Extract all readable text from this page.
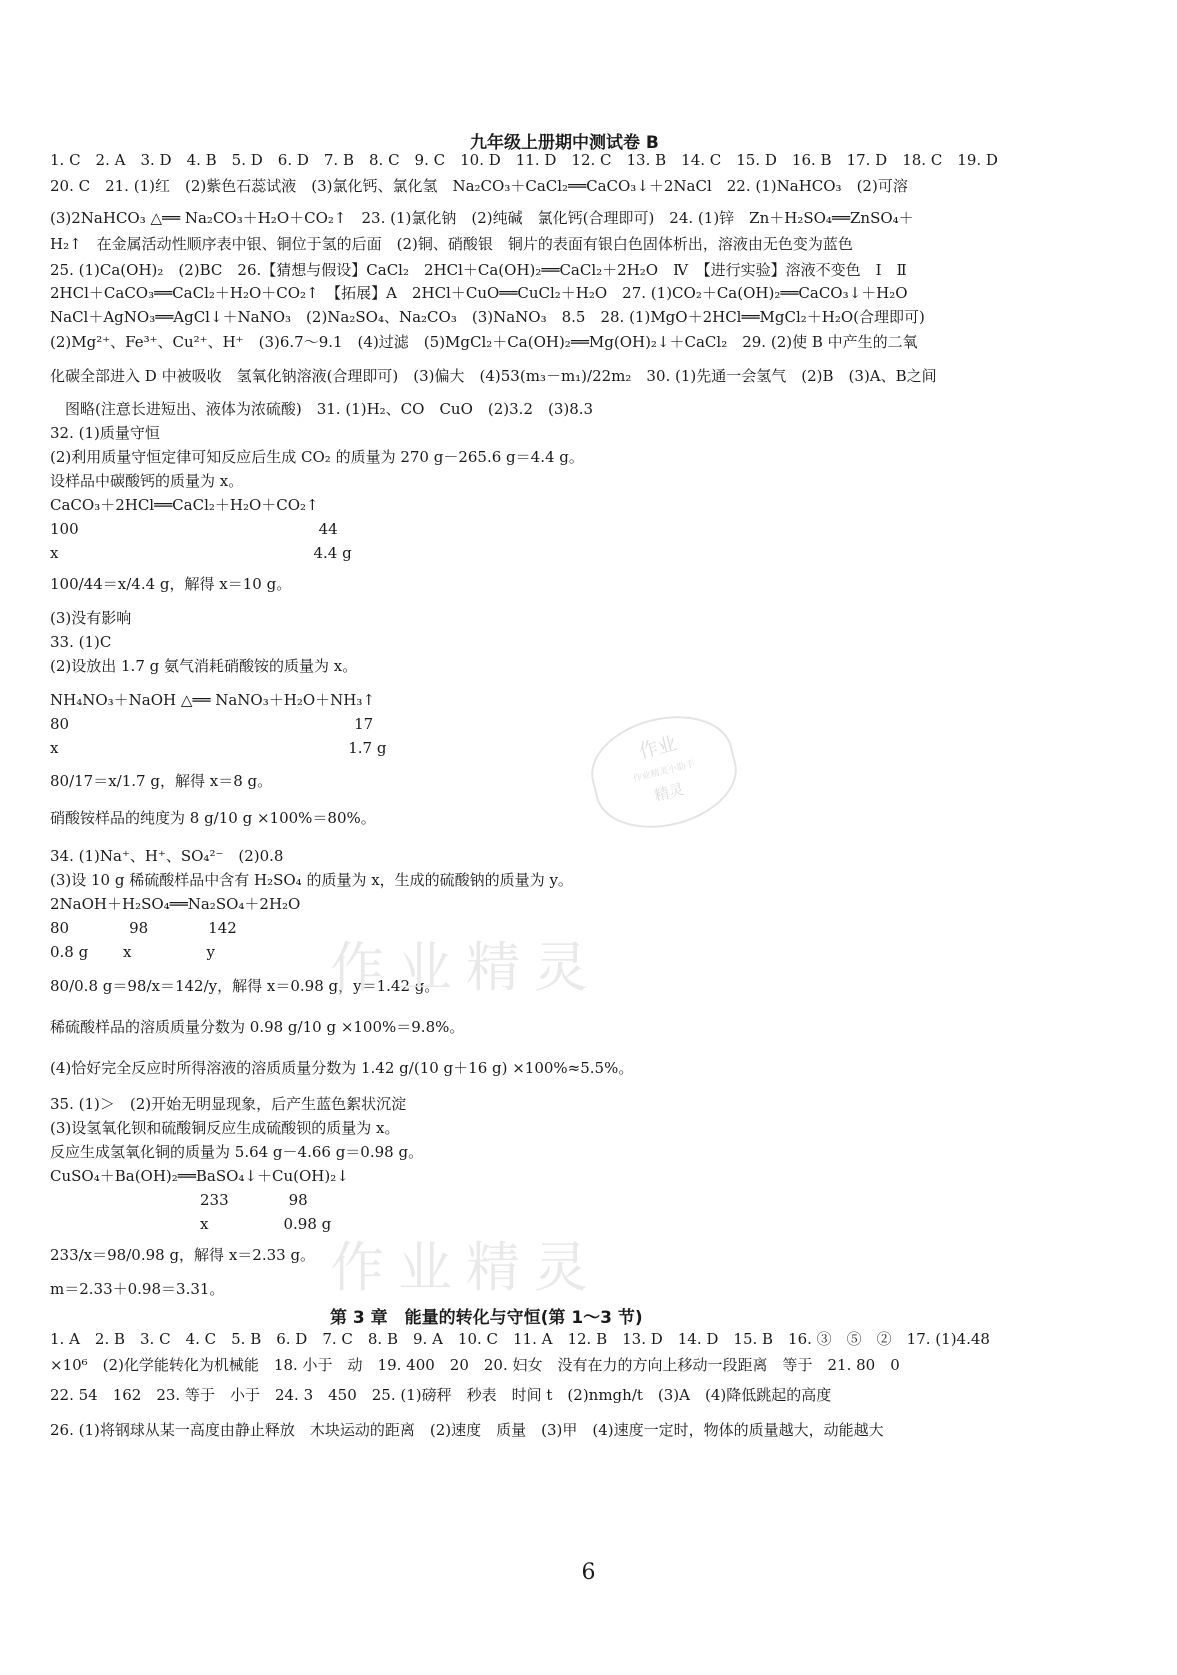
九年级上册期中测试卷 B
1. C　2. A　3. D　4. B　5. D　6. D　7. B　8. C　9. C　10. D　11. D　12. C　13. B　14. C　15. D　16. B　17. D　18. C　19. D
20. C　21. (1)红　(2)紫色石蕊试液　(3)氯化钙、氯化氢　Na₂CO₃＋CaCl₂══CaCO₃↓＋2NaCl　22. (1)NaHCO₃　(2)可溶
(3)2NaHCO₃ △══ Na₂CO₃＋H₂O＋CO₂↑　23. (1)氯化钠　(2)纯碱　氯化钙(合理即可)　24. (1)锌　Zn＋H₂SO₄══ZnSO₄＋
H₂↑　在金属活动性顺序表中银、铜位于氢的后面　(2)铜、硝酸银　铜片的表面有银白色固体析出，溶液由无色变为蓝色
25. (1)Ca(OH)₂　(2)BC　26.【猜想与假设】CaCl₂　2HCl＋Ca(OH)₂══CaCl₂＋2H₂O　Ⅳ　【进行实验】溶液不变色　Ⅰ　Ⅱ
2HCl＋CaCO₃══CaCl₂＋H₂O＋CO₂↑　【拓展】A　2HCl＋CuO══CuCl₂＋H₂O　27. (1)CO₂＋Ca(OH)₂══CaCO₃↓＋H₂O
NaCl＋AgNO₃══AgCl↓＋NaNO₃　(2)Na₂SO₄、Na₂CO₃　(3)NaNO₃　8.5　28. (1)MgO＋2HCl══MgCl₂＋H₂O(合理即可)
(2)Mg²⁺、Fe³⁺、Cu²⁺、H⁺　(3)6.7～9.1　(4)过滤　(5)MgCl₂＋Ca(OH)₂══Mg(OH)₂↓＋CaCl₂　29. (2)使 B 中产生的二氧
化碳全部进入 D 中被吸收　氢氧化钠溶液(合理即可)　(3)偏大　(4)53(m₃－m₁)/22m₂　30. (1)先通一会氢气　(2)B　(3)A、B之间
　图略(注意长进短出、液体为浓硫酸)　31. (1)H₂、CO　CuO　(2)3.2　(3)8.3
32. (1)质量守恒
(2)利用质量守恒定律可知反应后生成 CO₂ 的质量为 270 g－265.6 g＝4.4 g。
设样品中碳酸钙的质量为 x。
CaCO₃＋2HCl══CaCl₂＋H₂O＋CO₂↑
100　　　　　　　　　　　　　　　　44
x　　　　　　　　　　　　　　　　　4.4 g
100/44＝x/4.4 g，解得 x＝10 g。
(3)没有影响
33. (1)C
(2)设放出 1.7 g 氨气消耗硝酸铵的质量为 x。
NH₄NO₃＋NaOH △══ NaNO₃＋H₂O＋NH₃↑
80　　　　　　　　　　　　　　　　　　　17
x　　　　　　　　　　　　　　　　　　　 1.7 g
80/17＝x/1.7 g，解得 x＝8 g。
硝酸铵样品的纯度为 8 g/10 g ×100%＝80%。
34. (1)Na⁺、H⁺、SO₄²⁻　(2)0.8
(3)设 10 g 稀硫酸样品中含有 H₂SO₄ 的质量为 x，生成的硫酸钠的质量为 y。
2NaOH＋H₂SO₄══Na₂SO₄＋2H₂O
80　　　　98　　　　142
0.8 g　　 x　　　　　y
80/0.8 g＝98/x＝142/y，解得 x＝0.98 g，y＝1.42 g。
稀硫酸样品的溶质质量分数为 0.98 g/10 g ×100%＝9.8%。
(4)恰好完全反应时所得溶液的溶质质量分数为 1.42 g/(10 g＋16 g) ×100%≈5.5%。
35. (1)＞　(2)开始无明显现象，后产生蓝色絮状沉淀
(3)设氢氧化钡和硫酸铜反应生成硫酸钡的质量为 x。
反应生成氢氧化铜的质量为 5.64 g－4.66 g＝0.98 g。
CuSO₄＋Ba(OH)₂══BaSO₄↓＋Cu(OH)₂↓
　　　　　　　　　　233　　　　98
　　　　　　　　　　x　　　　　0.98 g
233/x＝98/0.98 g，解得 x＝2.33 g。
m＝2.33＋0.98＝3.31。
第 3 章　能量的转化与守恒(第 1～3 节)
1. A　2. B　3. C　4. C　5. B　6. D　7. C　8. B　9. A　10. C　11. A　12. B　13. D　14. D　15. B　16. ③　⑤　②　17. (1)4.48
×10⁶　(2)化学能转化为机械能　18. 小于　动　19. 400　20　20. 妇女　没有在力的方向上移动一段距离　等于　21. 80　0
22. 54　162　23. 等于　小于　24. 3　450　25. (1)磅秤　秒表　时间 t　(2)nmgh/t　(3)A　(4)降低跳起的高度
26. (1)将钢球从某一高度由静止释放　木块运动的距离　(2)速度　质量　(3)甲　(4)速度一定时，物体的质量越大，动能越大
6
作业精灵
作业精灵
作业
作业精灵小助手
精灵
